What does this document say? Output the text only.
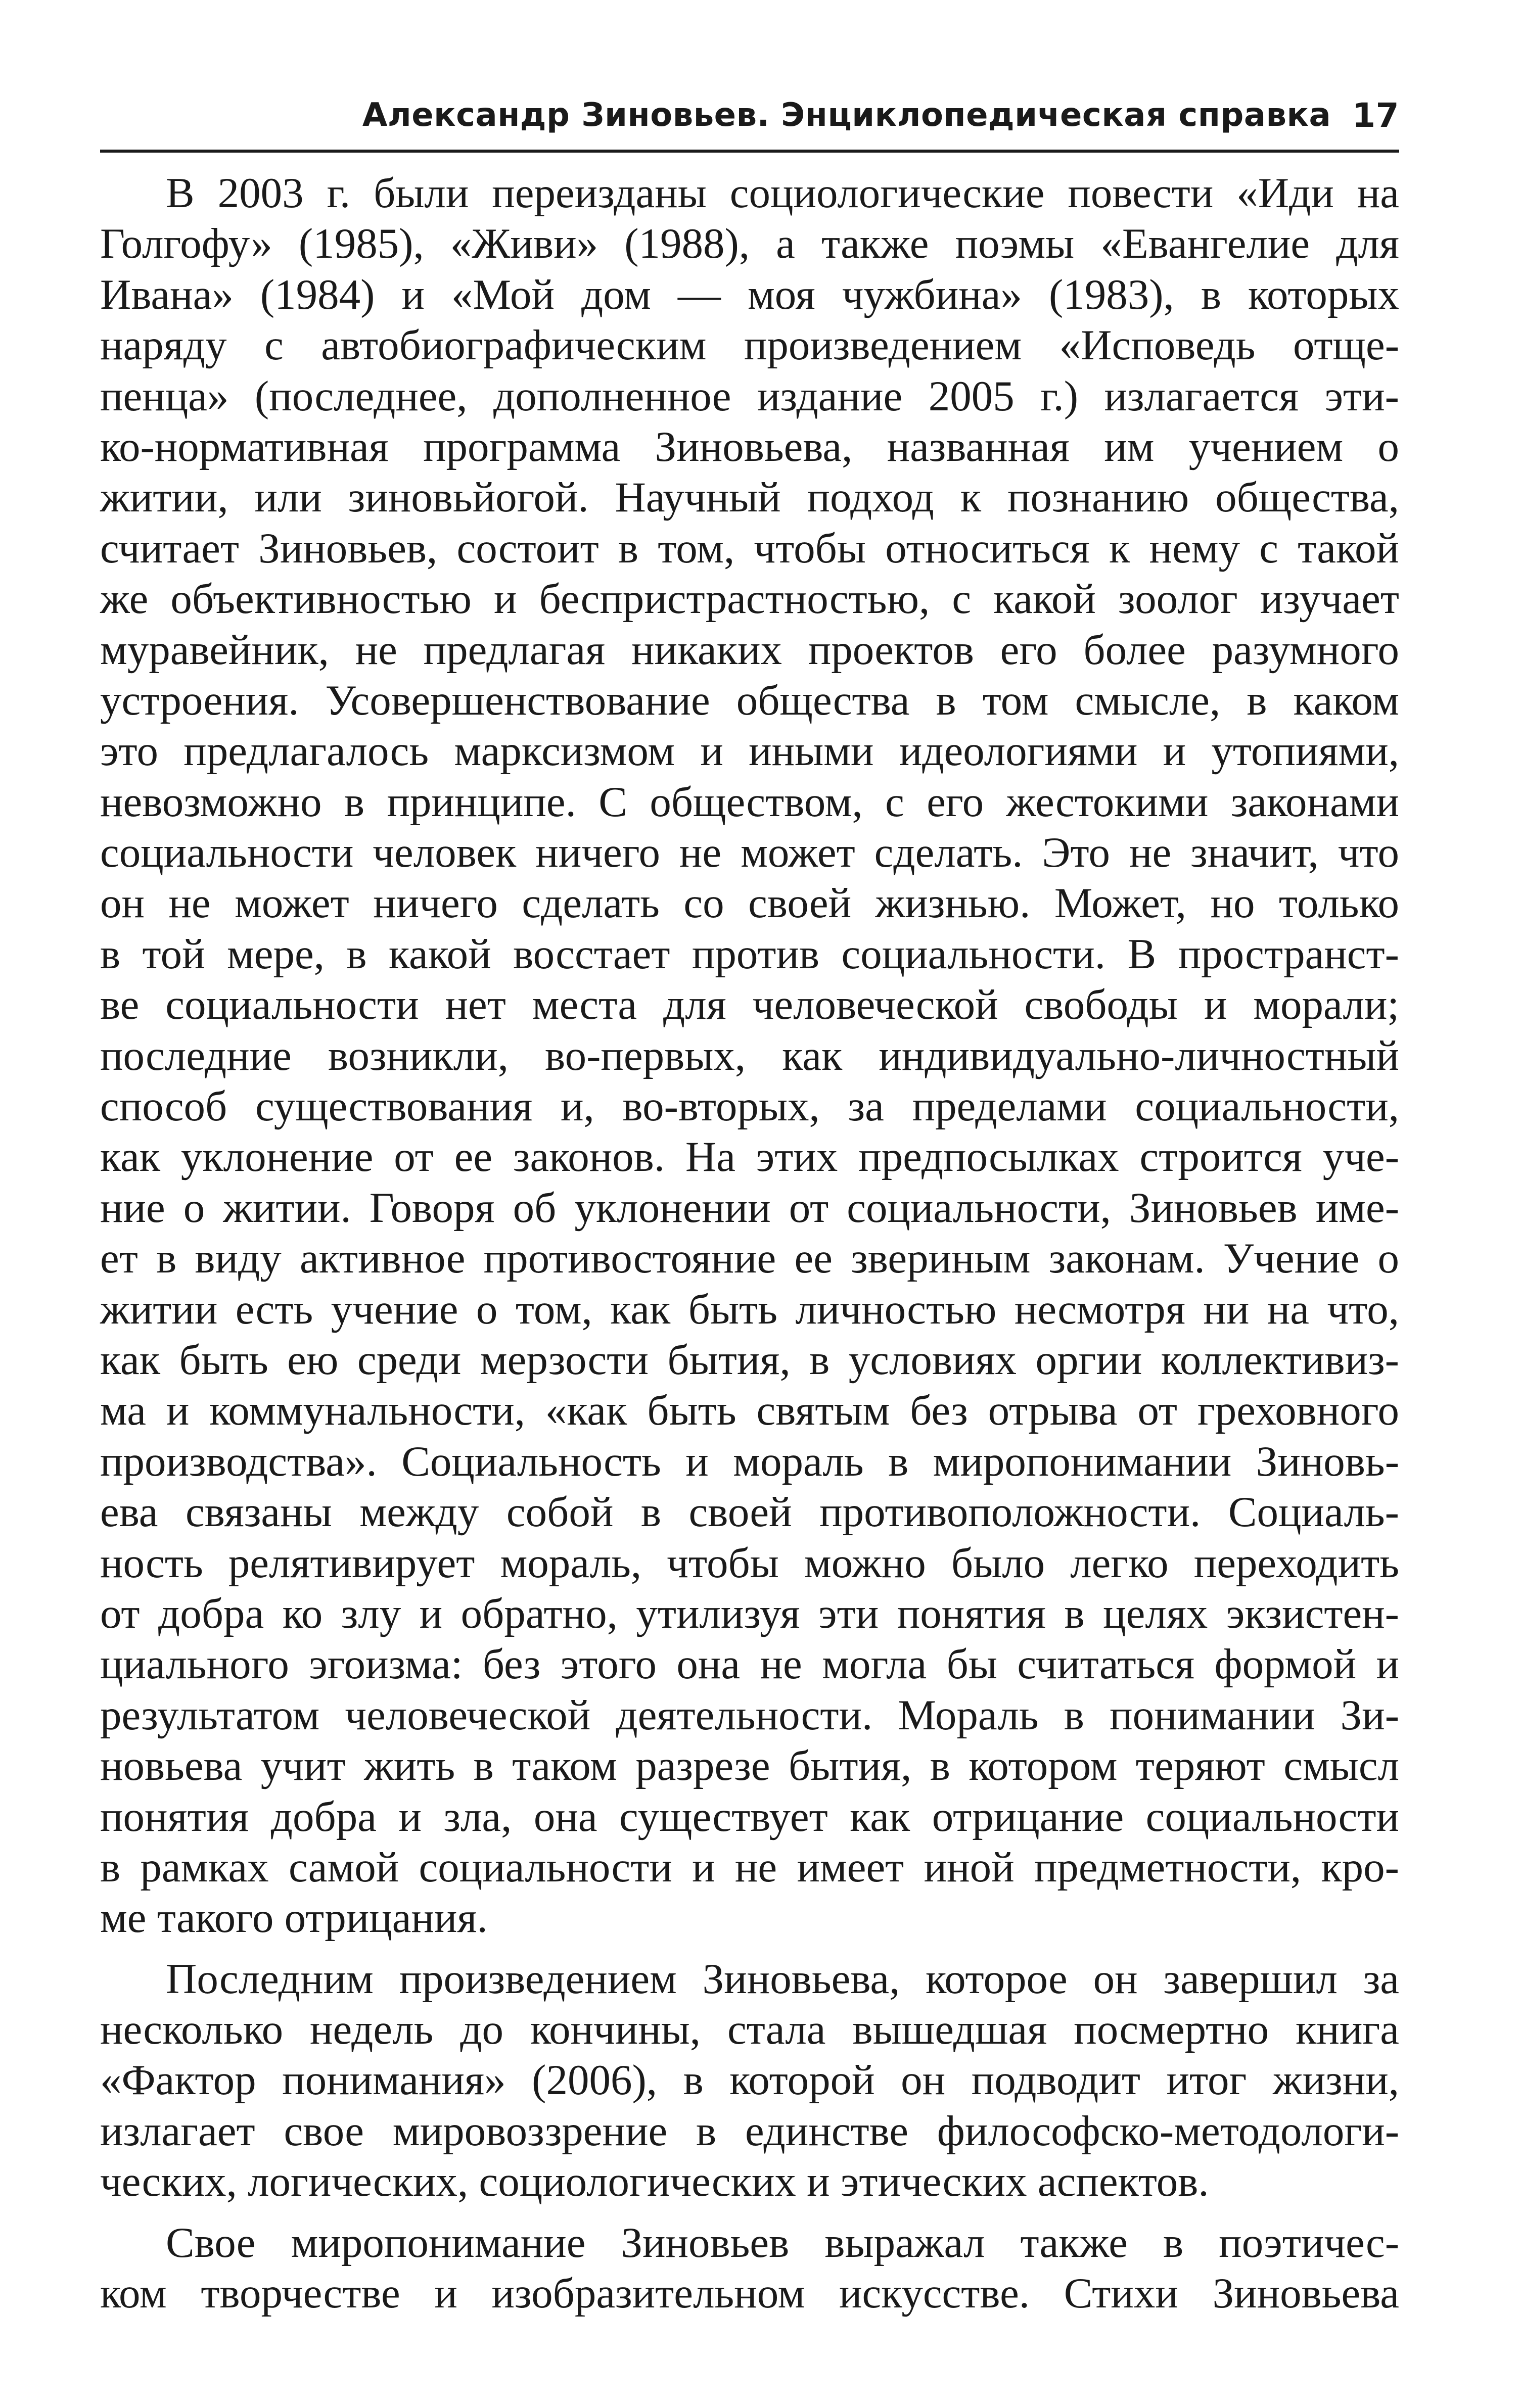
Александр Зиновьев. Энциклопедическая справка 17
В 2003 г. были переизданы социологические повести «Иди на
Голгофу» (1985), «Живи» (1988), а также поэмы «Евангелие для
Ивана» (1984) и «Мой дом — моя чужбина» (1983), в которых
наряду с автобиографическим произведением «Исповедь отще-
пенца» (последнее, дополненное издание 2005 г.) излагается эти-
ко-нормативная программа Зиновьева, названная им учением о
житии, или зиновьйогой. Научный подход к познанию общества,
считает Зиновьев, состоит в том, чтобы относиться к нему с такой
же объективностью и беспристрастностью, с какой зоолог изучает
муравейник, не предлагая никаких проектов его более разумного
устроения. Усовершенствование общества в том смысле, в каком
это предлагалось марксизмом и иными идеологиями и утопиями,
невозможно в принципе. С обществом, с его жестокими законами
социальности человек ничего не может сделать. Это не значит, что
он не может ничего сделать со своей жизнью. Может, но только
в той мере, в какой восстает против социальности. В пространст-
ве социальности нет места для человеческой свободы и морали;
последние возникли, во-первых, как индивидуально-личностный
способ существования и, во-вторых, за пределами социальности,
как уклонение от ее законов. На этих предпосылках строится уче-
ние о житии. Говоря об уклонении от социальности, Зиновьев име-
ет в виду активное противостояние ее звериным законам. Учение о
житии есть учение о том, как быть личностью несмотря ни на что,
как быть ею среди мерзости бытия, в условиях оргии коллективиз-
ма и коммунальности, «как быть святым без отрыва от греховного
производства». Социальность и мораль в миропонимании Зиновь-
ева связаны между собой в своей противоположности. Социаль-
ность релятивирует мораль, чтобы можно было легко переходить
от добра ко злу и обратно, утилизуя эти понятия в целях экзистен-
циального эгоизма: без этого она не могла бы считаться формой и
результатом человеческой деятельности. Мораль в понимании Зи-
новьева учит жить в таком разрезе бытия, в котором теряют смысл
понятия добра и зла, она существует как отрицание социальности
в рамках самой социальности и не имеет иной предметности, кро-
ме такого отрицания.
Последним произведением Зиновьева, которое он завершил за
несколько недель до кончины, стала вышедшая посмертно книга
«Фактор понимания» (2006), в которой он подводит итог жизни,
излагает свое мировоззрение в единстве философско-методологи-
ческих, логических, социологических и этических аспектов.
Свое миропонимание Зиновьев выражал также в поэтичес-
ком творчестве и изобразительном искусстве. Стихи Зиновьева
